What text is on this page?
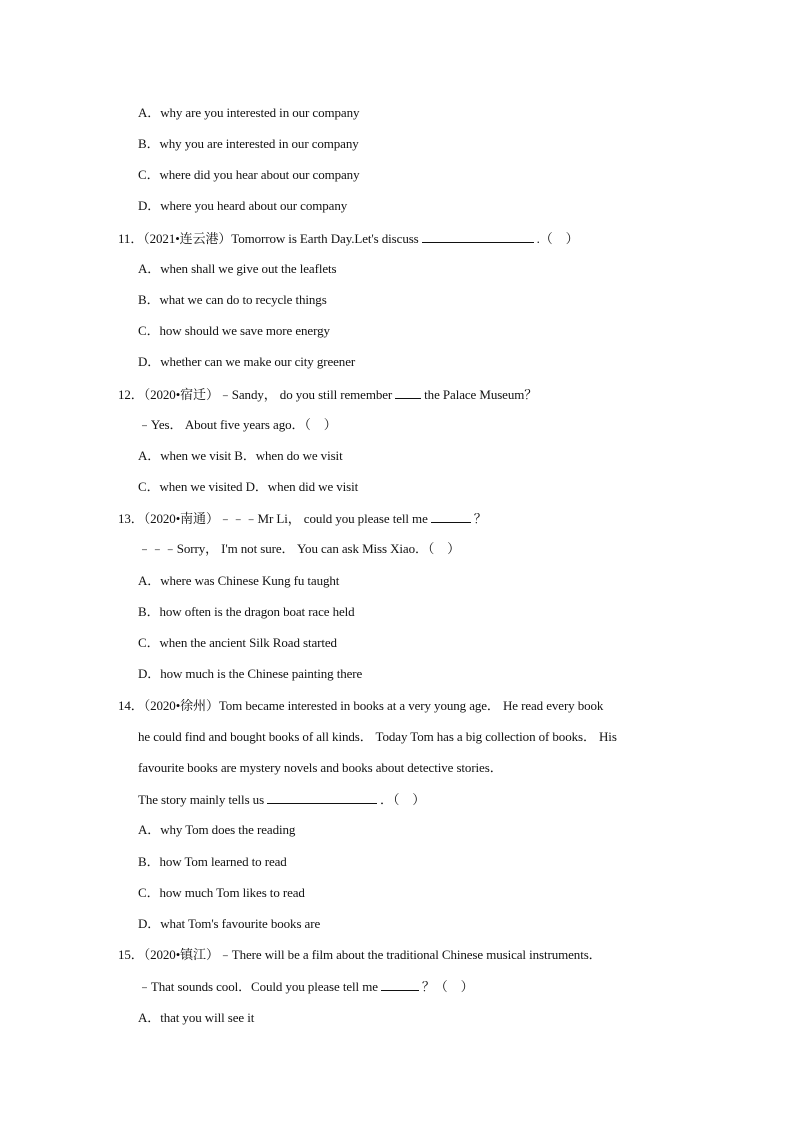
A．why are you interested in our company
B．why you are interested in our company
C．where did you hear about our company
D．where you heard about our company
11．（2021•连云港）Tomorrow is Earth Day.Let's discuss	.（　）
A．when shall we give out the leaflets
B．what we can do to recycle things
C．how should we save more energy
D．whether can we make our city greener
12．（2020•宿迁）﹣Sandy， do you still remember the Palace Museum？
﹣Yes． About five years ago．（　）
A．when we visit B．when do we visit
C．when we visited D．when did we visit
13．（2020•南通）﹣﹣﹣Mr Li， could you please tell me	？
﹣﹣﹣Sorry， I'm not sure． You can ask Miss Xiao．（　）
A．where was Chinese Kung fu taught
B．how often is the dragon boat race held
C．when the ancient Silk Road started
D．how much is the Chinese painting there
14．（2020•徐州）Tom became interested in books at a very young age． He read every book
he could find and bought books of all kinds． Today Tom has a big collection of books． His
favourite books are mystery novels and books about detective stories．
The story mainly tells us	．（　）
A．why Tom does the reading
B．how Tom learned to read
C．how much Tom likes to read
D．what Tom's favourite books are
15．（2020•镇江）﹣There will be a film about the traditional Chinese musical instruments．
﹣That sounds cool．Could you please tell me	？（　）
A．that you will see it
